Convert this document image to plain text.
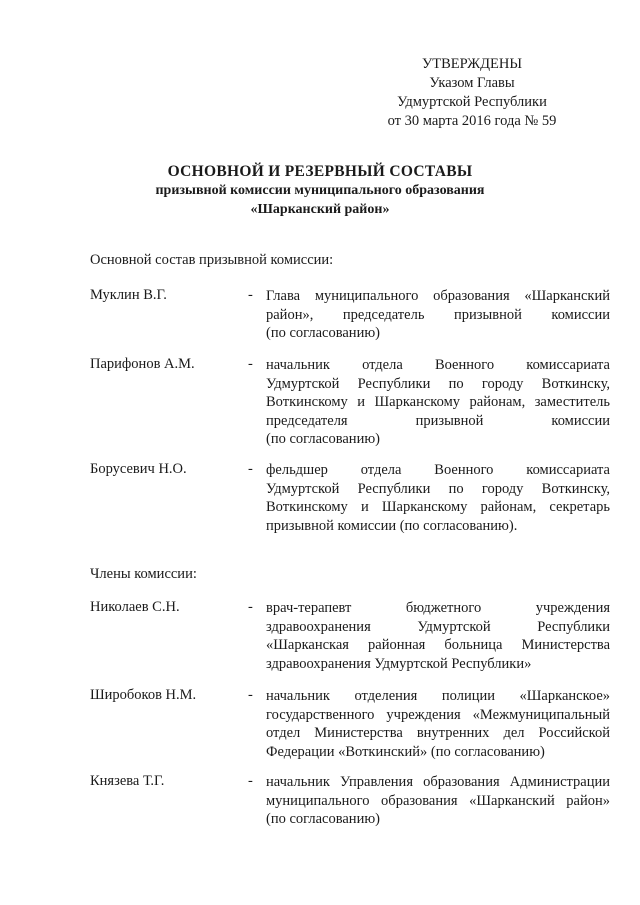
УТВЕРЖДЕНЫ
Указом Главы
Удмуртской Республики
от 30 марта 2016 года № 59
ОСНОВНОЙ И РЕЗЕРВНЫЙ СОСТАВЫ
призывной комиссии муниципального образования
«Шарканский район»
Основной состав призывной комиссии:
Муклин В.Г.	- Глава муниципального образования «Шарканский
район», председатель призывной комиссии
(по согласованию)
Парифонов А.М.	- начальник отдела Военного комиссариата
Удмуртской Республики по городу Воткинску,
Воткинскому и Шарканскому районам, заместитель
председателя призывной комиссии
(по согласованию)
Борусевич Н.О.	- фельдшер отдела Военного комиссариата
Удмуртской Республики по городу Воткинску,
Воткинскому и Шарканскому районам, секретарь
призывной комиссии (по согласованию).
Члены комиссии:
Николаев С.Н.	- врач-терапевт бюджетного учреждения
здравоохранения Удмуртской Республики
«Шарканская районная больница Министерства
здравоохранения Удмуртской Республики»
Широбоков Н.М.	- начальник отделения полиции «Шарканское»
государственного учреждения «Межмуниципальный
отдел Министерства внутренних дел Российской
Федерации «Воткинский» (по согласованию)
Князева Т.Г.	- начальник Управления образования Администрации
муниципального образования «Шарканский район»
(по согласованию)
